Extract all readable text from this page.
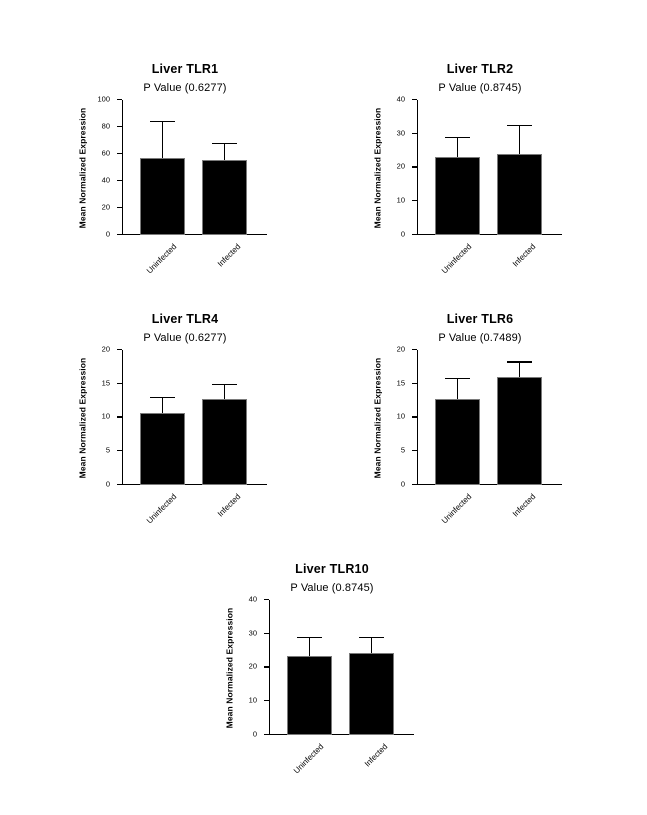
Liver TLR1
P Value (0.6277)
Mean Normalized Expression
0
20
40
60
80
100
Uninfected	Infected
Liver TLR2
P Value (0.8745)
Mean Normalized Expression
0
10
20
30
40
Uninfected	Infected
Liver TLR4
P Value (0.6277)
Mean Normalized Expression
0
5
10
15
20
Uninfected	Infected
Liver TLR6
P Value (0.7489)
Mean Normalized Expression
0
5
10
15
20
Uninfected	Infected
Liver TLR10
P Value (0.8745)
Mean Normalized Expression
0
10
20
30
40
Uninfected	Infected
